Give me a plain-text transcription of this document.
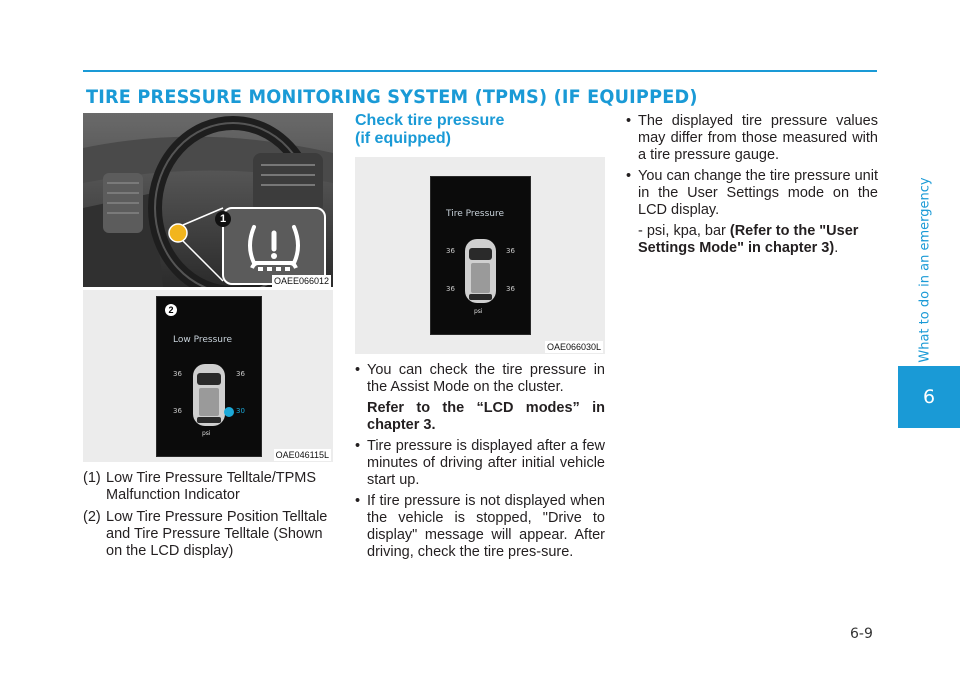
TIRE PRESSURE MONITORING SYSTEM (TPMS) (IF EQUIPPED)
What to do in an emergency
6
6-9
1
OAEE066012
2
Low Pressure
36	36
36	30
psi
OAE046115L
Tire Pressure
36	36
36	36
psi
OAE066030L
(1) Low Tire Pressure Telltale/TPMS Malfunction Indicator
(2) Low Tire Pressure Position Telltale and Tire Pressure Telltale (Shown on the LCD display)

Check tire pressure

(if equipped)

• You can check the tire pressure in the Assist Mode on the cluster.
Refer to the “LCD modes” in chapter 3.
• Tire pressure is displayed after a few minutes of driving after initial vehicle start up.
• If tire pressure is not displayed when the vehicle is stopped, "Drive to display" message will appear. After driving, check the tire pres-sure.
• The displayed tire pressure values may differ from those measured with a tire pressure gauge.
• You can change the tire pressure unit in the User Settings mode on the LCD display.
- psi, kpa, bar (Refer to the "User Settings Mode" in chapter 3).
